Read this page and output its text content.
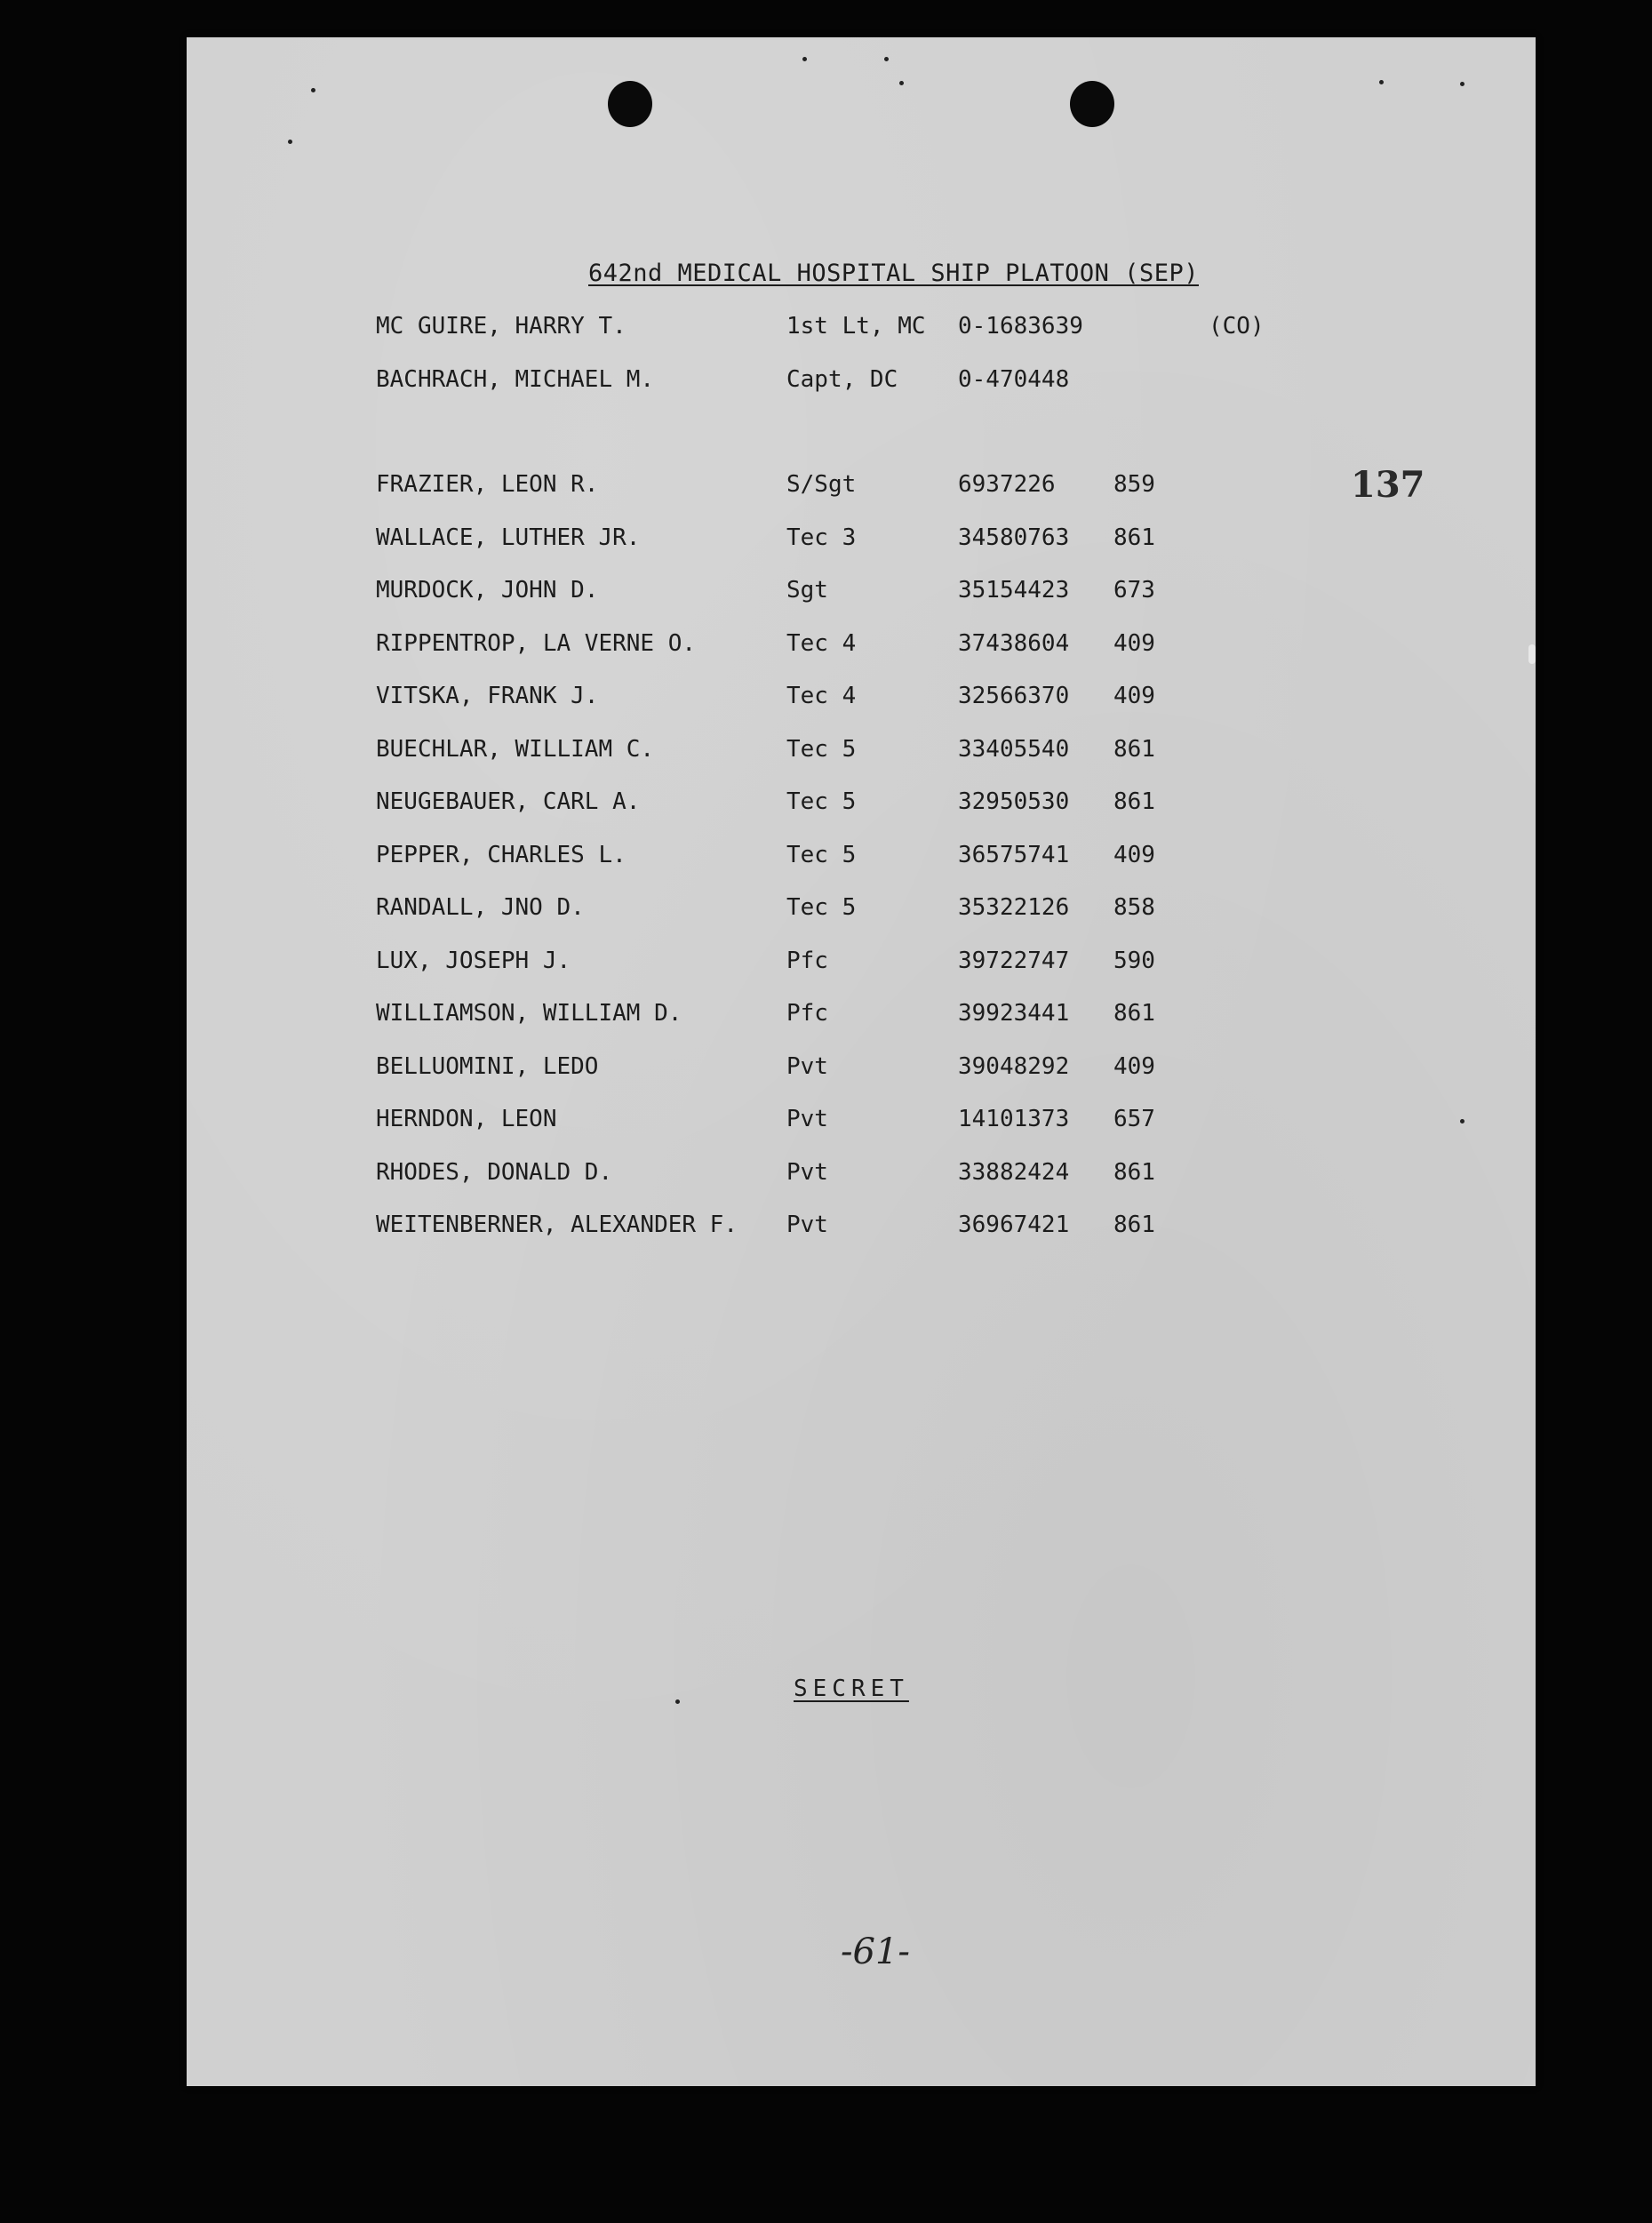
642nd MEDICAL HOSPITAL SHIP PLATOON (SEP)
MC GUIRE, HARRY T.	1st Lt, MC 0-1683639	(CO)
BACHRACH, MICHAEL M.	Capt, DC	0-470448
FRAZIER, LEON R.	S/Sgt	6937226	859
WALLACE, LUTHER JR.	Tec 3	34580763 861
MURDOCK, JOHN D.	Sgt	35154423 673
RIPPENTROP, LA VERNE O.	Tec 4	37438604 409
VITSKA, FRANK J.	Tec 4	32566370 409
BUECHLAR, WILLIAM C.	Tec 5	33405540 861
NEUGEBAUER, CARL A.	Tec 5	32950530 861
PEPPER, CHARLES L.	Tec 5	36575741 409
RANDALL, JNO D.	Tec 5	35322126 858
LUX, JOSEPH J.	Pfc	39722747 590
WILLIAMSON, WILLIAM D.	Pfc	39923441 861
BELLUOMINI, LEDO	Pvt	39048292 409
HERNDON, LEON	Pvt	14101373 657
RHODES, DONALD D.	Pvt	33882424 861
WEITENBERNER, ALEXANDER F. Pvt	36967421 861
137
SECRET
-61-
